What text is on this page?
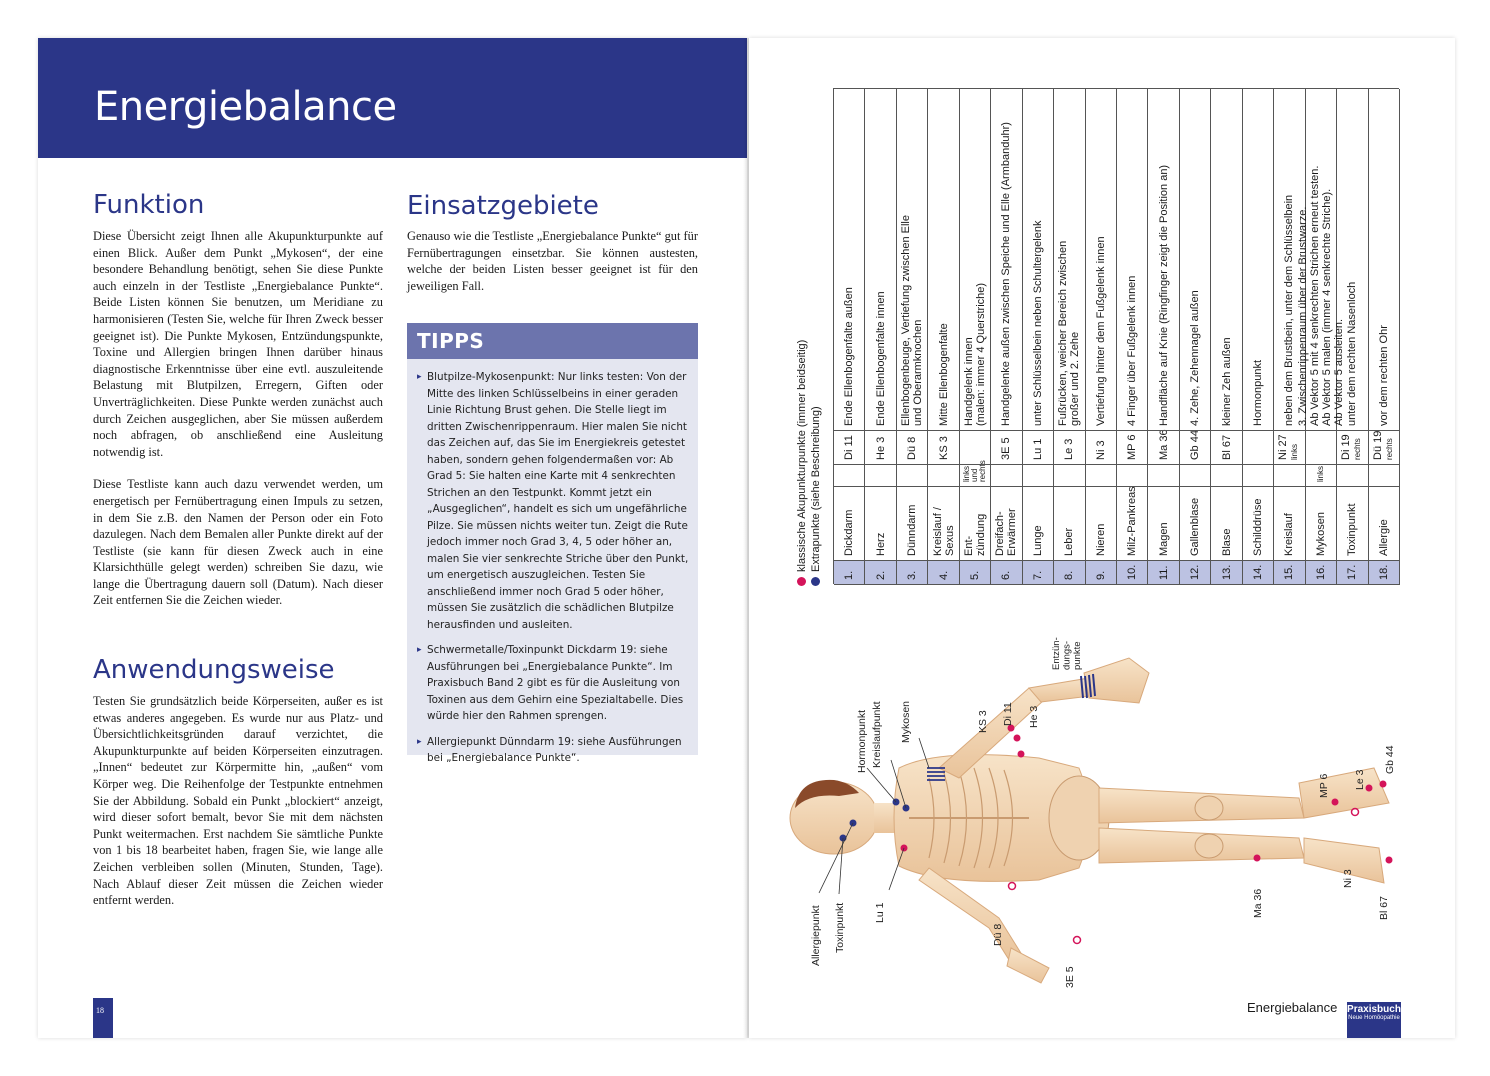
Energiebalance
Funktion

Diese Übersicht zeigt Ihnen alle Akupunkturpunkte auf einen Blick. Außer dem Punkt „Mykosen“, der eine besondere Behandlung benötigt, sehen Sie diese Punkte auch einzeln in der Testliste „Energiebalance Punkte“. Beide Listen können Sie benutzen, um Meridiane zu harmonisieren (Testen Sie, welche für Ihren Zweck besser geeignet ist). Die Punkte Mykosen, Entzündungspunkte, Toxine und Allergien bringen Ihnen darüber hinaus diagnostische Erkenntnisse über eine evtl. auszuleitende Belastung mit Blutpilzen, Erregern, Giften oder Unverträglichkeiten. Diese Punkte werden zunächst auch durch Zeichen ausgeglichen, aber Sie müssen außerdem noch abfragen, ob anschließend eine Ausleitung notwendig ist.

Diese Testliste kann auch dazu verwendet werden, um energetisch per Fernübertragung einen Impuls zu setzen, in dem Sie z.B. den Namen der Person oder ein Foto dazulegen. Nach dem Bemalen aller Punkte direkt auf der Testliste (sie kann für diesen Zweck auch in eine Klarsichthülle gelegt werden) schreiben Sie dazu, wie lange die Übertragung dauern soll (Datum). Nach dieser Zeit entfernen Sie die Zeichen wieder.

Anwendungsweise

Testen Sie grundsätzlich beide Körperseiten, außer es ist etwas anderes angegeben. Es wurde nur aus Platz- und Übersichtlichkeitsgründen darauf verzichtet, die Akupunkturpunkte auf beiden Körperseiten einzutragen. „Innen“ bedeutet zur Körpermitte hin, „außen“ vom Körper weg. Die Reihenfolge der Testpunkte entnehmen Sie der Abbildung. Sobald ein Punkt „blockiert“ anzeigt, wird dieser sofort bemalt, bevor Sie mit dem nächsten Punkt weitermachen. Erst nachdem Sie sämtliche Punkte von 1 bis 18 bearbeitet haben, fragen Sie, wie lange alle Zeichen verbleiben sollen (Minuten, Stunden, Tage). Nach Ablauf dieser Zeit müssen die Zeichen wieder entfernt werden.

Einsatzgebiete

Genauso wie die Testliste „Energiebalance Punkte“ gut für Fernübertragungen einsetzbar. Sie können austesten, welche der beiden Listen besser geeignet ist für den jeweiligen Fall.

TIPPS
▸ Blutpilze-Mykosenpunkt: Nur links testen: Von der Mitte des linken Schlüsselbeins in einer geraden Linie Richtung Brust gehen. Die Stelle liegt im dritten Zwischenrippenraum. Hier malen Sie nicht das Zeichen auf, das Sie im Energiekreis getestet haben, sondern gehen folgendermaßen vor: Ab Grad 5: Sie halten eine Karte mit 4 senkrechten Strichen an den Testpunkt. Kommt jetzt ein „Ausgeglichen“, handelt es sich um ungefährliche Pilze. Sie müssen nichts weiter tun. Zeigt die Rute jedoch immer noch Grad 3, 4, 5 oder höher an, malen Sie vier senkrechte Striche über den Punkt, um energetisch auszugleichen. Testen Sie anschließend immer noch Grad 5 oder höher, müssen Sie zusätzlich die schädlichen Blutpilze herausfinden und ausleiten.
▸ Schwermetalle/Toxinpunkt Dickdarm 19: siehe Ausführungen bei „Energiebalance Punkte“. Im Praxisbuch Band 2 gibt es für die Ausleitung von Toxinen aus dem Gehirn eine Spezialtabelle. Dies würde hier den Rahmen sprengen.
▸ Allergiepunkt Dünndarm 19: siehe Ausführungen bei „Energiebalance Punkte“.
18
klassische Akupunkturpunkte (immer beidseitig) Extrapunkte (siehe Beschreibung)
1.
Dickdarm
Di 11
Ende Ellenbogenfalte außen
2.
Herz
He 3
Ende Ellenbogenfalte innen
3.
Dünndarm
Dü 8
Ellenbogenbeuge, Vertiefung zwischen Elle und Oberarmknochen
4.
Kreislauf / Sexus
KS 3
Mitte Ellenbogenfalte
5.
Ent- zündung
links und rechts
Handgelenk innen (malen: immer 4 Querstriche)
6.
Dreifach- Erwärmer
3E 5
Handgelenke außen zwischen Speiche und Elle (Armbanduhr)
7.
Lunge
Lu 1
unter Schlüsselbein neben Schultergelenk
8.
Leber
Le 3
Fußrücken, weicher Bereich zwischen großer und 2. Zehe
9.
Nieren
Ni 3
Vertiefung hinter dem Fußgelenk innen
10.
Milz-Pankreas
MP 6
4 Finger über Fußgelenk innen
11.
Magen
Ma 36
Handfläche auf Knie (Ringfinger zeigt die Position an)
12.
Gallenblase
Gb 44
4. Zehe, Zehennagel außen
13.
Blase
Bl 67
kleiner Zeh außen
14.
Schilddrüse
Hormonpunkt
15.
Kreislauf
Ni 27 links
neben dem Brustbein, unter dem Schlüsselbein
16.
Mykosen
links
3. Zwischenrippenraum über der Brustwarze. Ab Vektor 5 mit 4 senkrechten Strichen erneut testen. Ab Vektor 5 malen (immer 4 senkrechte Striche). Ab Vektor 5 ausleiten.
17.
Toxinpunkt
Di 19 rechts
unter dem rechten Nasenloch
18.
Allergie
Dü 19 rechts
vor dem rechten Ohr
Hormonpunkt Kreislaufpunkt Mykosen	KS 3 Di 11 He 3
Entzün-dungs-punkte
Allergiepunkt Toxinpunkt	Lu 1
Dü 8
3E 5
MP 6 Le 3
Gb 44
Ma 36
Ni 3
Bl 67
Energiebalance Praxisbuch
Neue Homöopathie
